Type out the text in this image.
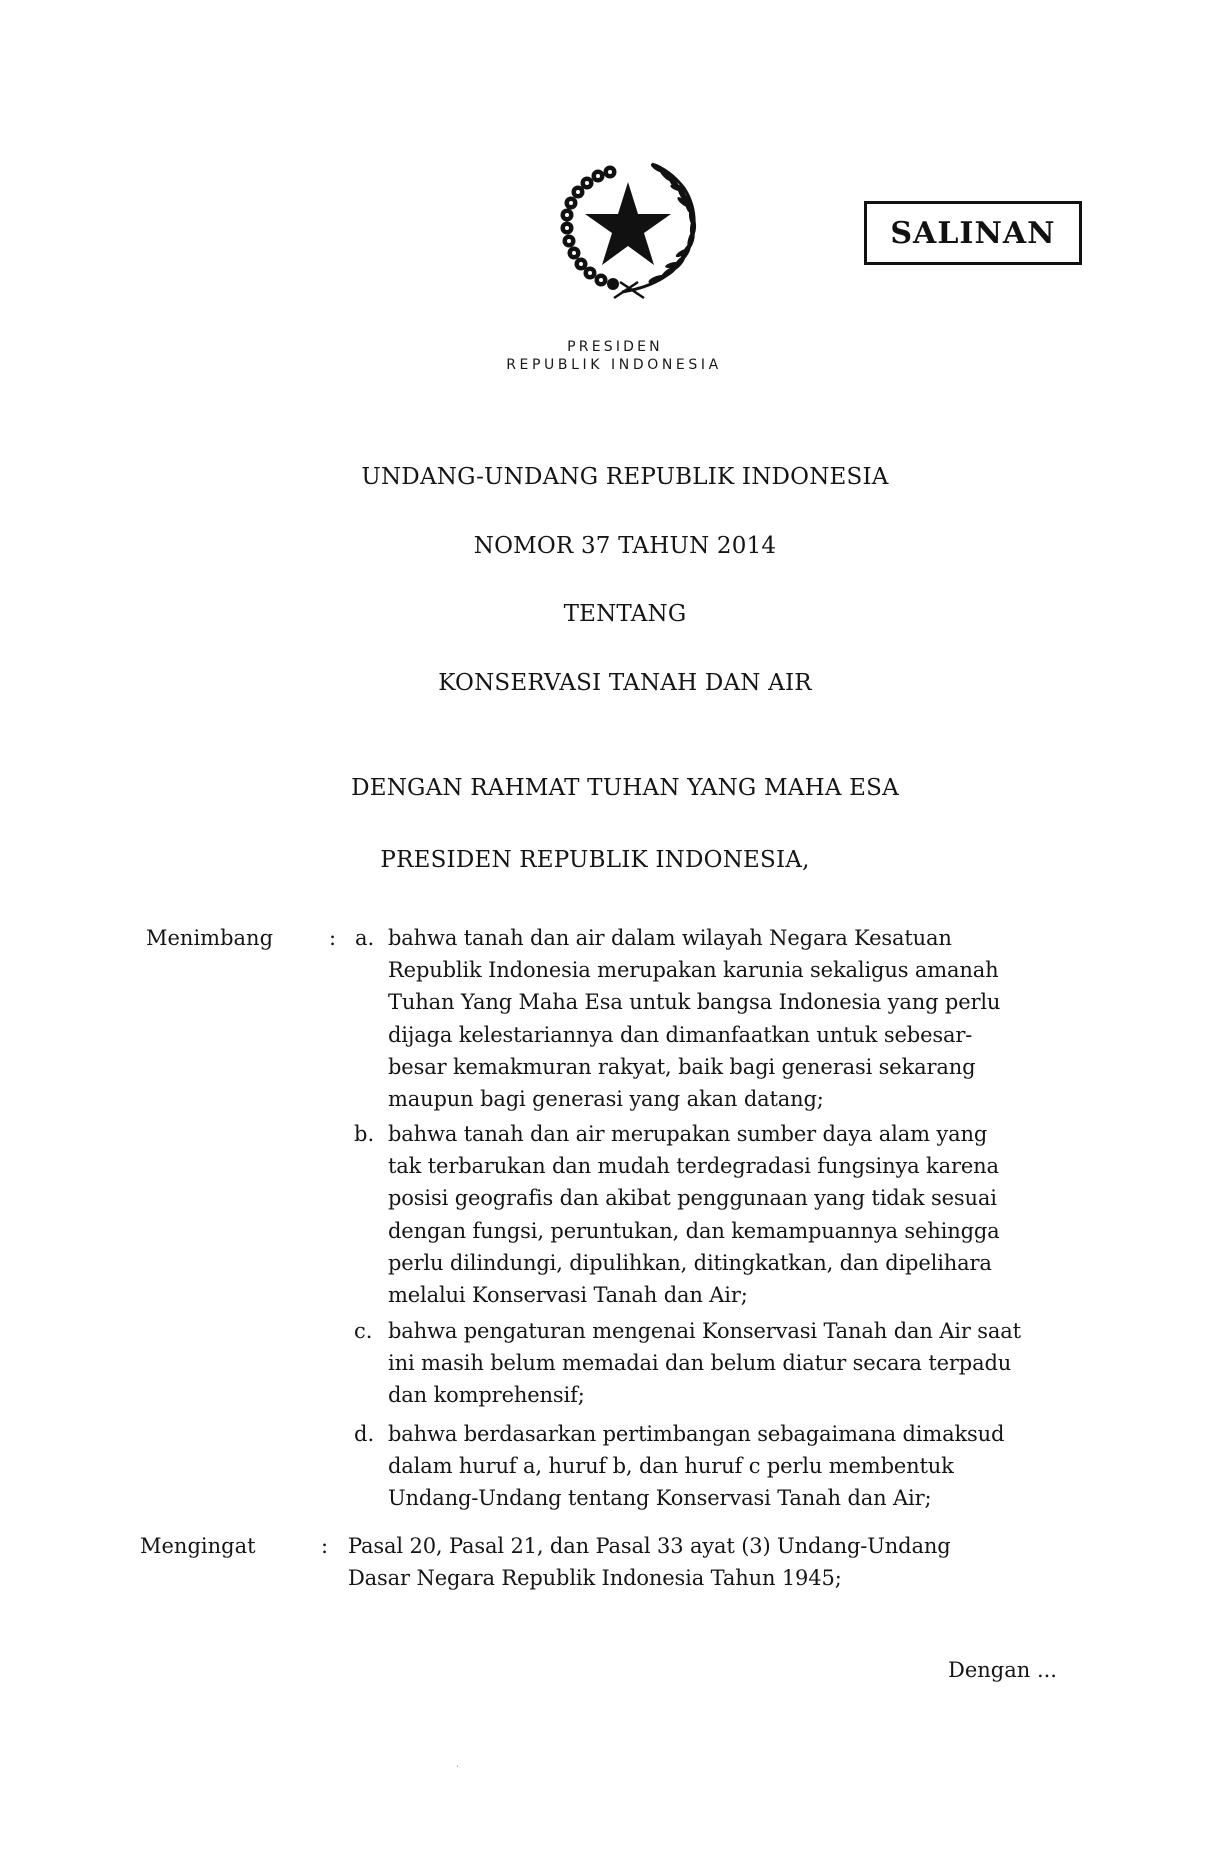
SALINAN
PRESIDEN
REPUBLIK INDONESIA
UNDANG-UNDANG REPUBLIK INDONESIA
NOMOR 37 TAHUN 2014
TENTANG
KONSERVASI TANAH DAN AIR
DENGAN RAHMAT TUHAN YANG MAHA ESA
PRESIDEN REPUBLIK INDONESIA,
Menimbang	: a. bahwa tanah dan air dalam wilayah Negara Kesatuan
Republik Indonesia merupakan karunia sekaligus amanah
Tuhan Yang Maha Esa untuk bangsa Indonesia yang perlu
dijaga kelestariannya dan dimanfaatkan untuk sebesar-
besar kemakmuran rakyat, baik bagi generasi sekarang
maupun bagi generasi yang akan datang;
b. bahwa tanah dan air merupakan sumber daya alam yang
tak terbarukan dan mudah terdegradasi fungsinya karena
posisi geografis dan akibat penggunaan yang tidak sesuai
dengan fungsi, peruntukan, dan kemampuannya sehingga
perlu dilindungi, dipulihkan, ditingkatkan, dan dipelihara
melalui Konservasi Tanah dan Air;
c. bahwa pengaturan mengenai Konservasi Tanah dan Air saat
ini masih belum memadai dan belum diatur secara terpadu
dan komprehensif;
d. bahwa berdasarkan pertimbangan sebagaimana dimaksud
dalam huruf a, huruf b, dan huruf c perlu membentuk
Undang-Undang tentang Konservasi Tanah dan Air;
Mengingat	: Pasal 20, Pasal 21, dan Pasal 33 ayat (3) Undang-Undang
Dasar Negara Republik Indonesia Tahun 1945;
Dengan ...
